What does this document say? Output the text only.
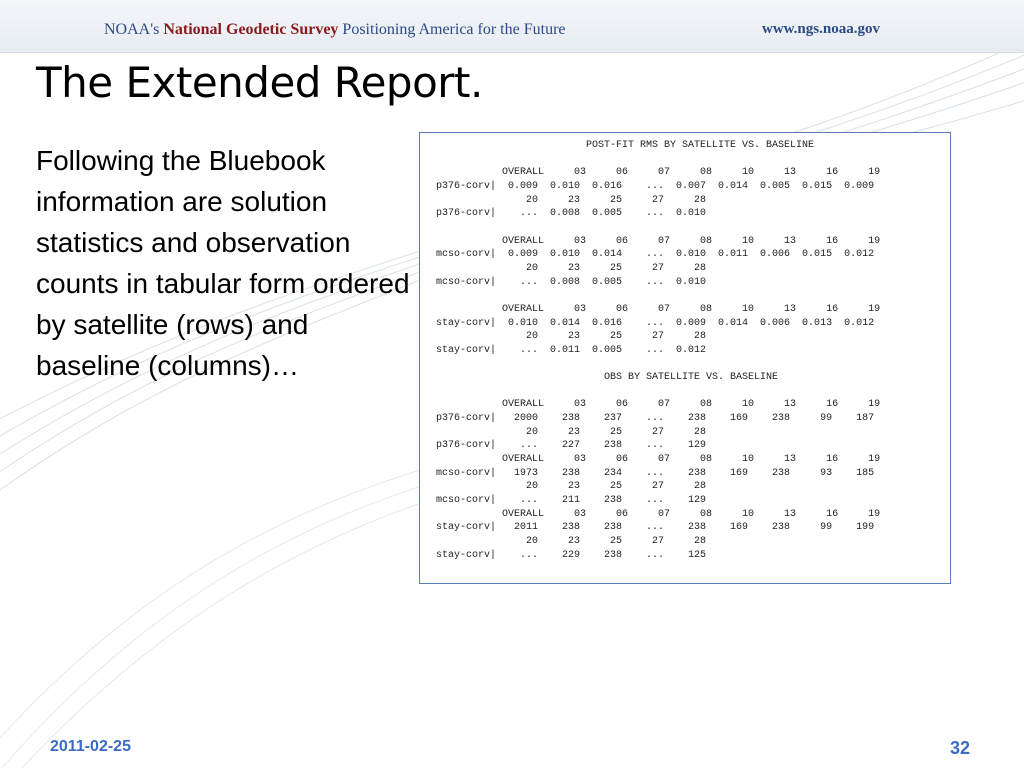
NOAA's National Geodetic Survey Positioning America for the Future	www.ngs.noaa.gov
The Extended Report.

Following the Bluebook information are solution statistics and observation counts in tabular form ordered by satellite (rows) and baseline (columns)…

POST-FIT RMS BY SATELLITE VS. BASELINE

OVERALL     03     06     07     08     10     13     16     19
p376-corv|  0.009  0.010  0.016    ...  0.007  0.014  0.005  0.015  0.009
20     23     25     27     28
p376-corv|    ...  0.008  0.005    ...  0.010

OVERALL     03     06     07     08     10     13     16     19
mcso-corv|  0.009  0.010  0.014    ...  0.010  0.011  0.006  0.015  0.012
20     23     25     27     28
mcso-corv|    ...  0.008  0.005    ...  0.010

OVERALL     03     06     07     08     10     13     16     19
stay-corv|  0.010  0.014  0.016    ...  0.009  0.014  0.006  0.013  0.012
20     23     25     27     28
stay-corv|    ...  0.011  0.005    ...  0.012

OBS BY SATELLITE VS. BASELINE

OVERALL     03     06     07     08     10     13     16     19
p376-corv|   2000    238    237    ...    238    169    238     99    187
20     23     25     27     28
p376-corv|    ...    227    238    ...    129
OVERALL     03     06     07     08     10     13     16     19
mcso-corv|   1973    238    234    ...    238    169    238     93    185
20     23     25     27     28
mcso-corv|    ...    211    238    ...    129
OVERALL     03     06     07     08     10     13     16     19
stay-corv|   2011    238    238    ...    238    169    238     99    199
20     23     25     27     28
stay-corv|    ...    229    238    ...    125
2011-02-25	32
